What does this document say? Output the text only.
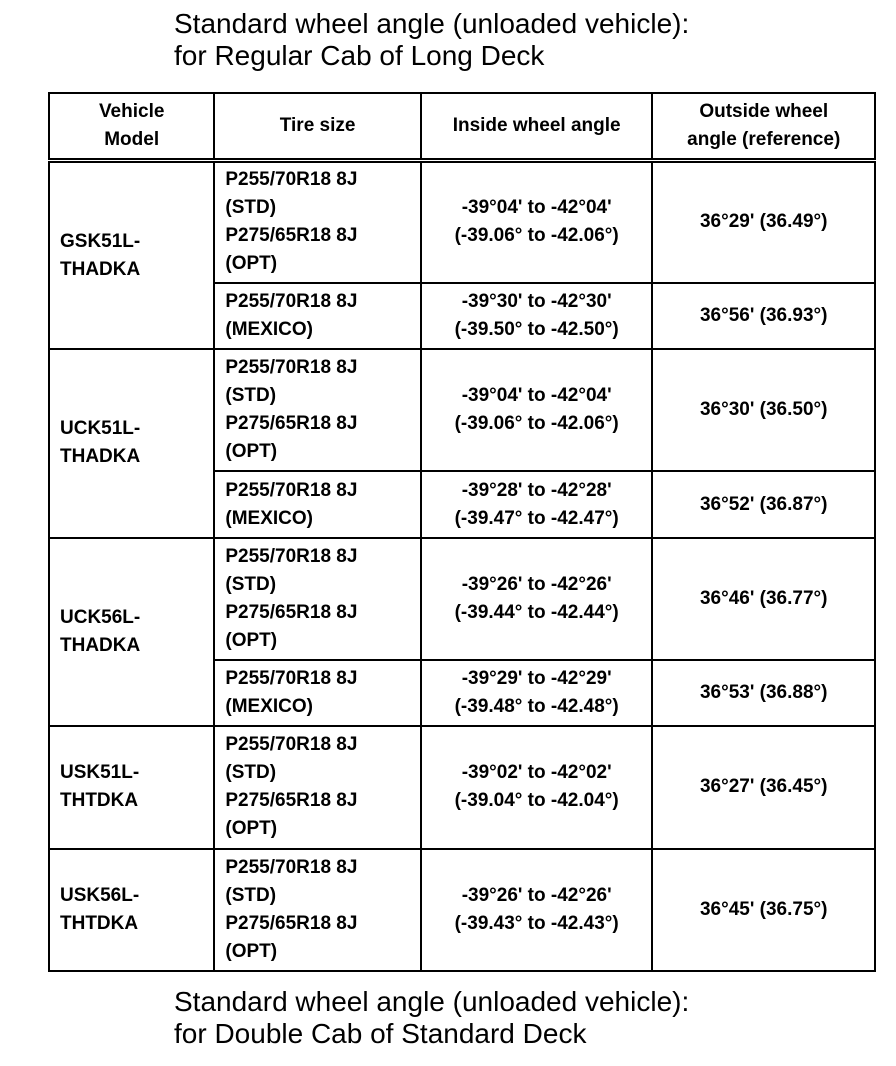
Standard wheel angle (unloaded vehicle):
for Regular Cab of Long Deck
Vehicle
Model	Tire size	Inside wheel angle	Outside wheel
angle (reference)

GSK51L-
THADKA	P255/70R18 8J
(STD)
P275/65R18 8J
(OPT)	-39°04' to -42°04'
(-39.06° to -42.06°)	36°29' (36.49°)

	P255/70R18 8J
(MEXICO)	-39°30' to -42°30'
(-39.50° to -42.50°)	36°56' (36.93°)

UCK51L-
THADKA	P255/70R18 8J
(STD)
P275/65R18 8J
(OPT)	-39°04' to -42°04'
(-39.06° to -42.06°)	36°30' (36.50°)

	P255/70R18 8J
(MEXICO)	-39°28' to -42°28'
(-39.47° to -42.47°)	36°52' (36.87°)

UCK56L-
THADKA	P255/70R18 8J
(STD)
P275/65R18 8J
(OPT)	-39°26' to -42°26'
(-39.44° to -42.44°)	36°46' (36.77°)

	P255/70R18 8J
(MEXICO)	-39°29' to -42°29'
(-39.48° to -42.48°)	36°53' (36.88°)

USK51L-
THTDKA	P255/70R18 8J
(STD)
P275/65R18 8J
(OPT)	-39°02' to -42°02'
(-39.04° to -42.04°)	36°27' (36.45°)

USK56L-
THTDKA	P255/70R18 8J
(STD)
P275/65R18 8J
(OPT)	-39°26' to -42°26'
(-39.43° to -42.43°)	36°45' (36.75°)
Standard wheel angle (unloaded vehicle):
for Double Cab of Standard Deck
